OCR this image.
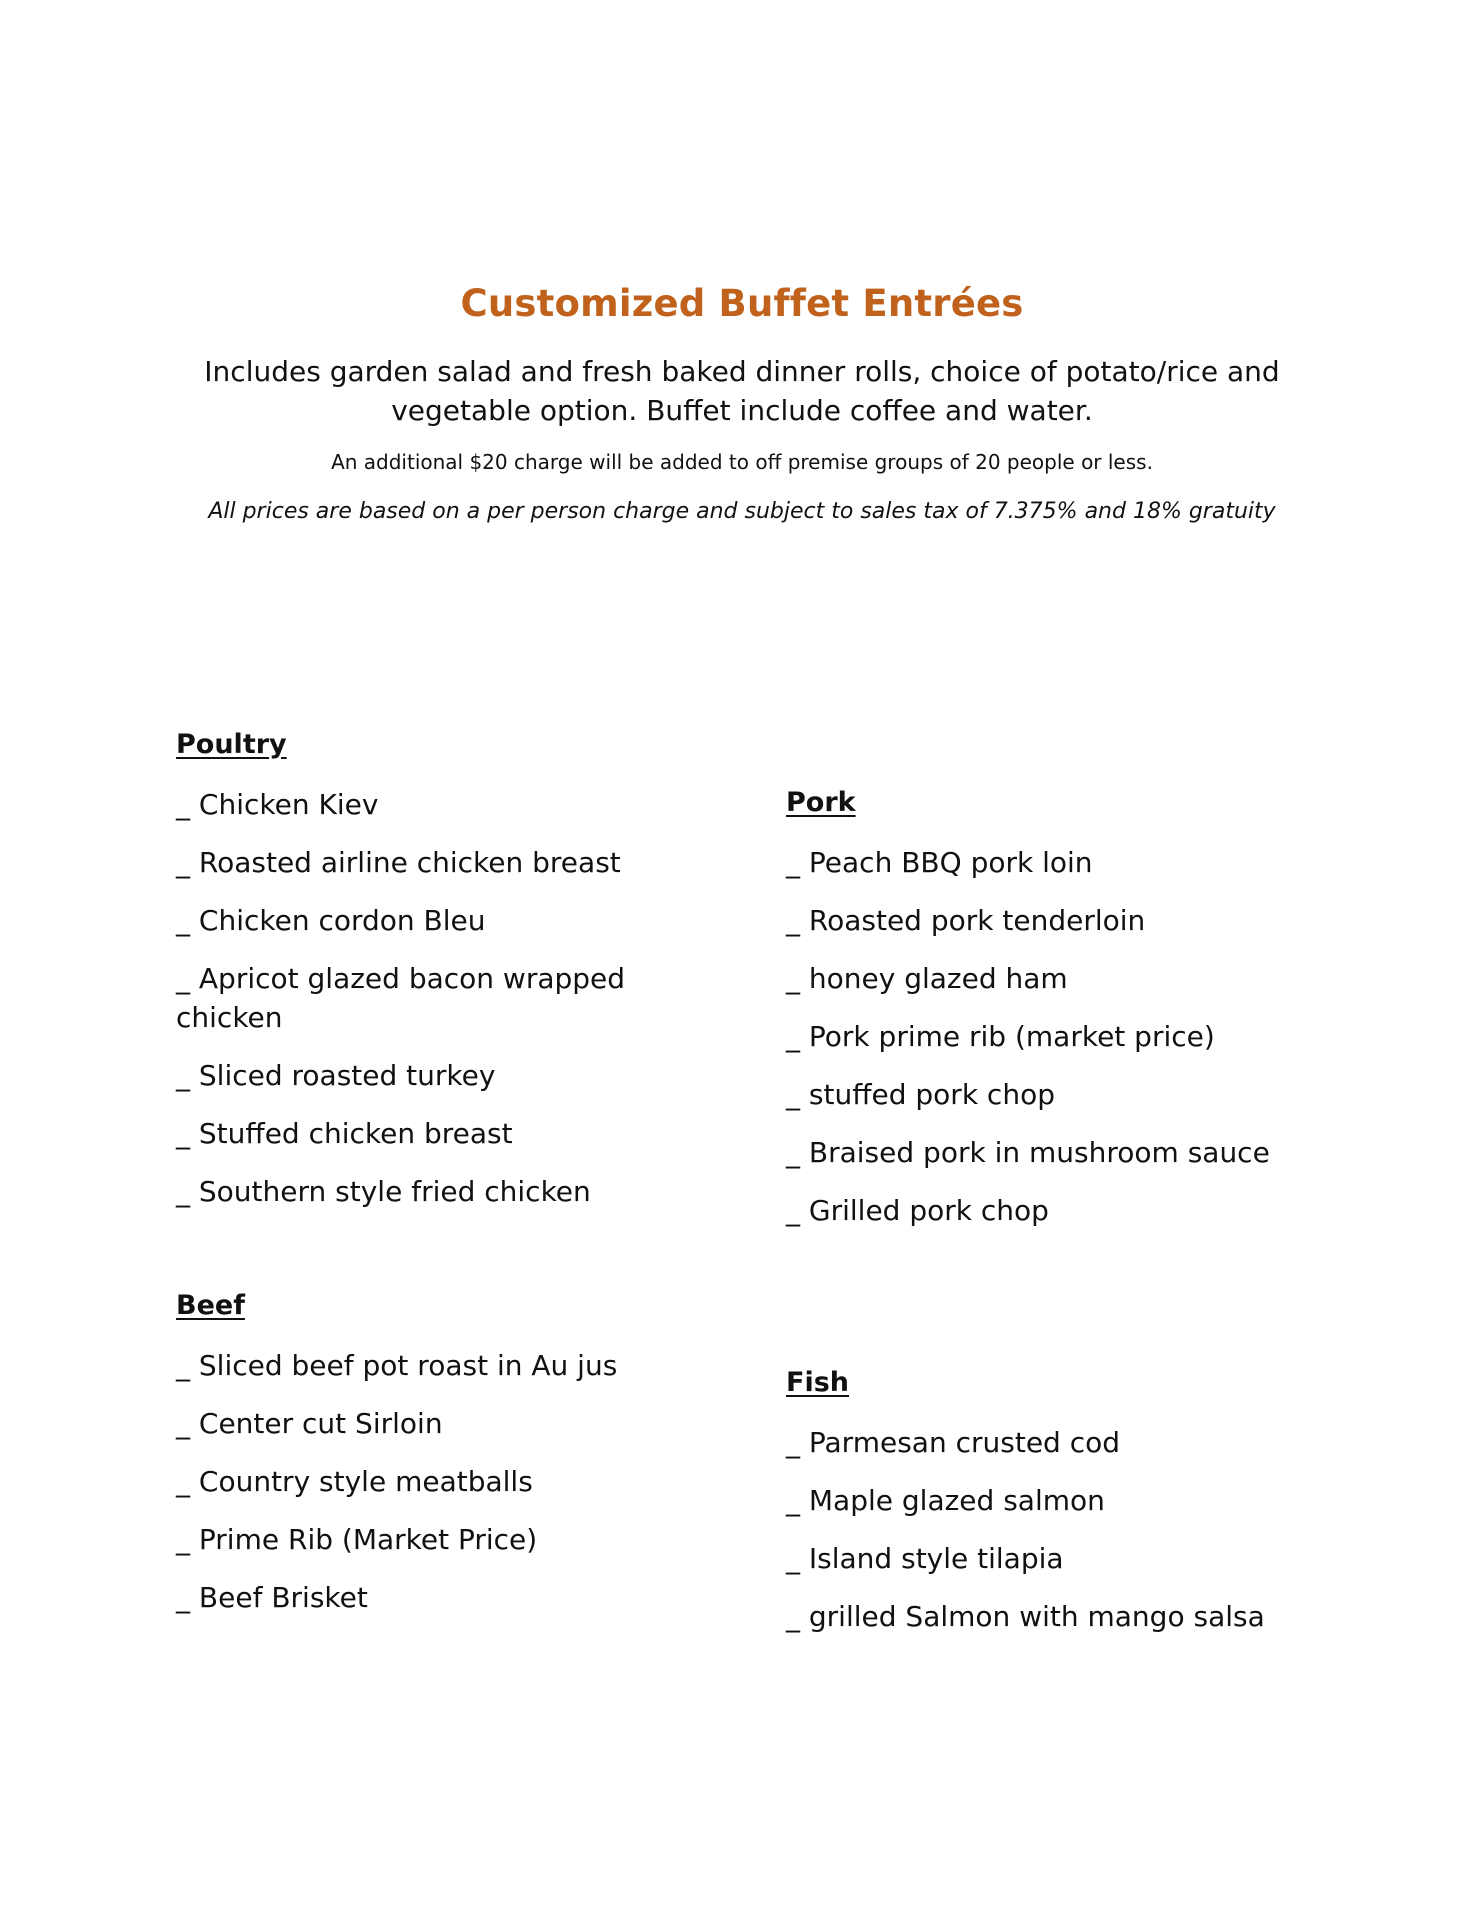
Customized Buffet Entrées
Includes garden salad and fresh baked dinner rolls, choice of potato/rice and vegetable option. Buffet include coffee and water.
An additional $20 charge will be added to off premise groups of 20 people or less.
All prices are based on a per person charge and subject to sales tax of 7.375% and 18% gratuity
Poultry
_ Chicken Kiev
_ Roasted airline chicken breast
_ Chicken cordon Bleu
_ Apricot glazed bacon wrapped chicken
_ Sliced roasted turkey
_ Stuffed chicken breast
_ Southern style fried chicken
Pork
_ Peach BBQ pork loin
_ Roasted pork tenderloin
_ honey glazed ham
_ Pork prime rib (market price)
_ stuffed pork chop
_ Braised pork in mushroom sauce
_ Grilled pork chop
Beef
_ Sliced beef pot roast in Au jus
_ Center cut Sirloin
_ Country style meatballs
_ Prime Rib (Market Price)
_ Beef Brisket
Fish
_ Parmesan crusted cod
_ Maple glazed salmon
_ Island style tilapia
_ grilled Salmon with mango salsa
